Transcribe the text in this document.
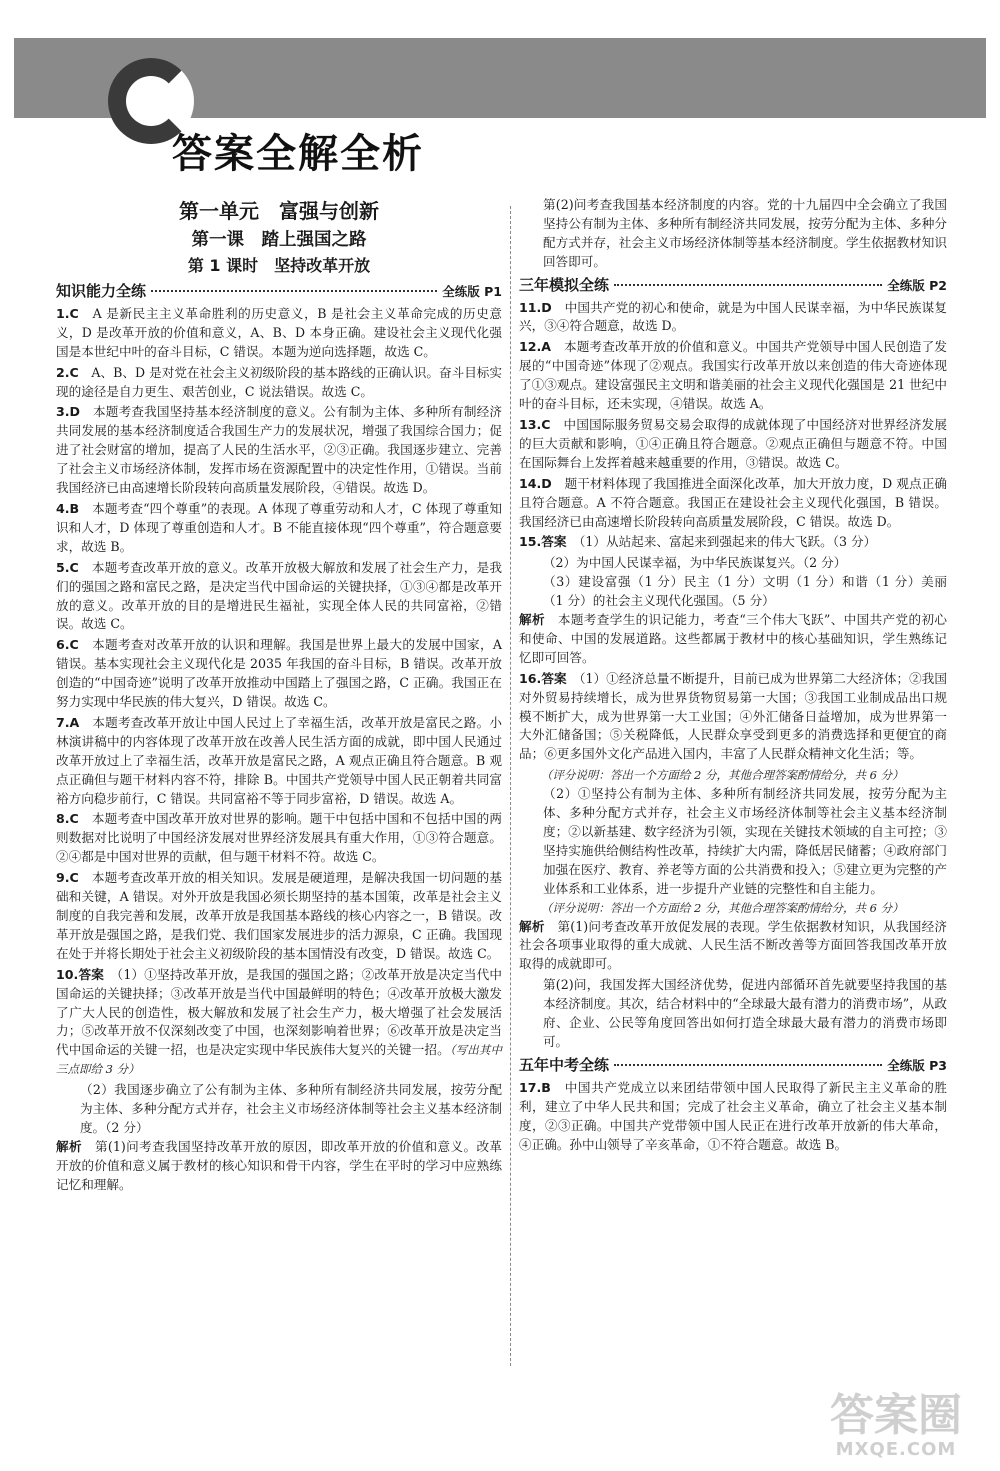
答案全解全析
第一单元　富强与创新
第一课　踏上强国之路
第 1 课时　坚持改革开放
知识能力全练	全练版 P1
1.C　 A 是新民主主义革命胜利的历史意义，B 是社会主义革命完成的历史意义，D 是改革开放的价值和意义，A、B、D 本身正确。建设社会主义现代化强国是本世纪中叶的奋斗目标，C 错误。本题为逆向选择题，故选 C。
2.C　 A、B、D 是对党在社会主义初级阶段的基本路线的正确认识。奋斗目标实现的途径是自力更生、艰苦创业，C 说法错误。故选 C。
3.D　 本题考查我国坚持基本经济制度的意义。公有制为主体、多种所有制经济共同发展的基本经济制度适合我国生产力的发展状况，增强了我国综合国力；促进了社会财富的增加，提高了人民的生活水平，②③正确。我国逐步建立、完善了社会主义市场经济体制，发挥市场在资源配置中的决定性作用，①错误。当前我国经济已由高速增长阶段转向高质量发展阶段，④错误。故选 D。
4.B　 本题考查“四个尊重”的表现。A 体现了尊重劳动和人才，C 体现了尊重知识和人才，D 体现了尊重创造和人才。B 不能直接体现“四个尊重”，符合题意要求，故选 B。
5.C　 本题考查改革开放的意义。改革开放极大解放和发展了社会生产力，是我们的强国之路和富民之路，是决定当代中国命运的关键抉择，①③④都是改革开放的意义。改革开放的目的是增进民生福祉，实现全体人民的共同富裕，②错误。故选 C。
6.C　 本题考查对改革开放的认识和理解。我国是世界上最大的发展中国家，A 错误。基本实现社会主义现代化是 2035 年我国的奋斗目标，B 错误。改革开放创造的“中国奇迹”说明了改革开放推动中国踏上了强国之路，C 正确。我国正在努力实现中华民族的伟大复兴，D 错误。故选 C。
7.A　 本题考查改革开放让中国人民过上了幸福生活，改革开放是富民之路。小林演讲稿中的内容体现了改革开放在改善人民生活方面的成就，即中国人民通过改革开放过上了幸福生活，改革开放是富民之路，A 观点正确且符合题意。B 观点正确但与题干材料内容不符，排除 B。中国共产党领导中国人民正朝着共同富裕方向稳步前行，C 错误。共同富裕不等于同步富裕，D 错误。故选 A。
8.C　 本题考查中国改革开放对世界的影响。题干中包括中国和不包括中国的两则数据对比说明了中国经济发展对世界经济发展具有重大作用，①③符合题意。②④都是中国对世界的贡献，但与题干材料不符。故选 C。
9.C　 本题考查改革开放的相关知识。发展是硬道理，是解决我国一切问题的基础和关键，A 错误。对外开放是我国必须长期坚持的基本国策，改革是社会主义制度的自我完善和发展，改革开放是我国基本路线的核心内容之一，B 错误。改革开放是强国之路，是我们党、我们国家发展进步的活力源泉，C 正确。我国现在处于并将长期处于社会主义初级阶段的基本国情没有改变，D 错误。故选 C。
10.答案　 （1）①坚持改革开放，是我国的强国之路；②改革开放是决定当代中国命运的关键抉择；③改革开放是当代中国最鲜明的特色；④改革开放极大激发了广大人民的创造性，极大解放和发展了社会生产力，极大增强了社会发展活力；⑤改革开放不仅深刻改变了中国，也深刻影响着世界；⑥改革开放是决定当代中国命运的关键一招，也是决定实现中华民族伟大复兴的关键一招。（写出其中三点即给 3 分）
（2）我国逐步确立了公有制为主体、多种所有制经济共同发展，按劳分配为主体、多种分配方式并存，社会主义市场经济体制等社会主义基本经济制度。（2 分）
解析　 第(1)问考查我国坚持改革开放的原因，即改革开放的价值和意义。改革开放的价值和意义属于教材的核心知识和骨干内容，学生在平时的学习中应熟练记忆和理解。
第(2)问考查我国基本经济制度的内容。党的十九届四中全会确立了我国坚持公有制为主体、多种所有制经济共同发展，按劳分配为主体、多种分配方式并存，社会主义市场经济体制等基本经济制度。学生依据教材知识回答即可。
三年模拟全练	全练版 P2
11.D　 中国共产党的初心和使命，就是为中国人民谋幸福，为中华民族谋复兴，③④符合题意，故选 D。
12.A　 本题考查改革开放的价值和意义。中国共产党领导中国人民创造了发展的“中国奇迹”体现了②观点。我国实行改革开放以来创造的伟大奇迹体现了①③观点。建设富强民主文明和谐美丽的社会主义现代化强国是 21 世纪中叶的奋斗目标，还未实现，④错误。故选 A。
13.C　 中国国际服务贸易交易会取得的成就体现了中国经济对世界经济发展的巨大贡献和影响，①④正确且符合题意。②观点正确但与题意不符。中国在国际舞台上发挥着越来越重要的作用，③错误。故选 C。
14.D　 题干材料体现了我国推进全面深化改革，加大开放力度，D 观点正确且符合题意。A 不符合题意。我国正在建设社会主义现代化强国，B 错误。我国经济已由高速增长阶段转向高质量发展阶段，C 错误。故选 D。
15.答案　 （1）从站起来、富起来到强起来的伟大飞跃。（3 分）
（2）为中国人民谋幸福，为中华民族谋复兴。（2 分）
（3）建设富强（1 分）民主（1 分）文明（1 分）和谐（1 分）美丽（1 分）的社会主义现代化强国。（5 分）
解析　 本题考查学生的识记能力，考查“三个伟大飞跃”、中国共产党的初心和使命、中国的发展道路。这些都属于教材中的核心基础知识，学生熟练记忆即可回答。
16.答案　 （1）①经济总量不断提升，目前已成为世界第二大经济体；②我国对外贸易持续增长，成为世界货物贸易第一大国；③我国工业制成品出口规模不断扩大，成为世界第一大工业国；④外汇储备日益增加，成为世界第一大外汇储备国；⑤关税降低，人民群众享受到更多的消费选择和更便宜的商品；⑥更多国外文化产品进入国内，丰富了人民群众精神文化生活；等。
（评分说明：答出一个方面给 2 分，其他合理答案酌情给分，共 6 分）
（2）①坚持公有制为主体、多种所有制经济共同发展，按劳分配为主体、多种分配方式并存，社会主义市场经济体制等社会主义基本经济制度；②以新基建、数字经济为引领，实现在关键技术领域的自主可控；③坚持实施供给侧结构性改革，持续扩大内需，降低居民储蓄；④政府部门加强在医疗、教育、养老等方面的公共消费和投入；⑤建立更为完整的产业体系和工业体系，进一步提升产业链的完整性和自主能力。
（评分说明：答出一个方面给 2 分，其他合理答案酌情给分，共 6 分）
解析　 第(1)问考查改革开放促发展的表现。学生依据教材知识，从我国经济社会各项事业取得的重大成就、人民生活不断改善等方面回答我国改革开放取得的成就即可。
第(2)问，我国发挥大国经济优势，促进内部循环首先就要坚持我国的基本经济制度。其次，结合材料中的“全球最大最有潜力的消费市场”，从政府、企业、公民等角度回答出如何打造全球最大最有潜力的消费市场即可。
五年中考全练	全练版 P3
17.B　 中国共产党成立以来团结带领中国人民取得了新民主主义革命的胜利，建立了中华人民共和国；完成了社会主义革命，确立了社会主义基本制度，②③正确。中国共产党带领中国人民正在进行改革开放新的伟大革命，④正确。孙中山领导了辛亥革命，①不符合题意。故选 B。
答案圈
MXQE.COM
